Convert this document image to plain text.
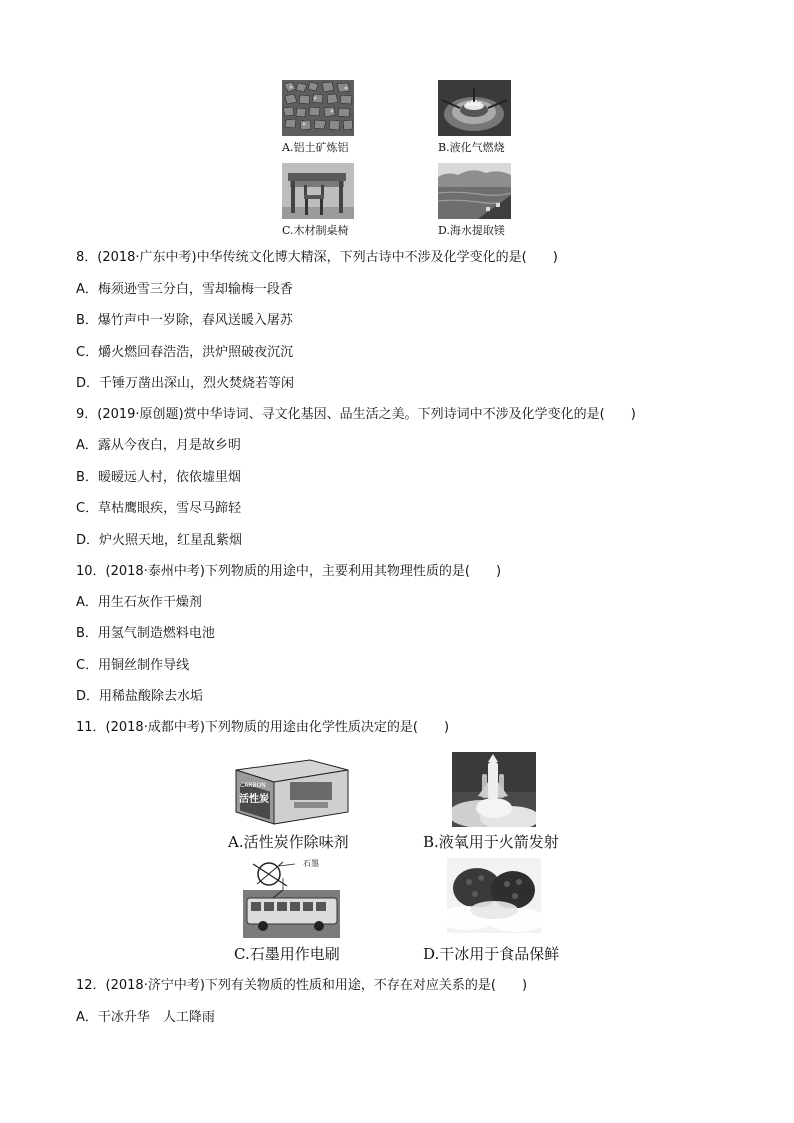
A.铝土矿炼铝	B.液化气燃烧
C.木材制桌椅	D.海水提取镁
8．(2018·广东中考)中华传统文化博大精深，下列古诗中不涉及化学变化的是(　　)
A．梅须逊雪三分白，雪却输梅一段香
B．爆竹声中一岁除，春风送暖入屠苏
C．爝火燃回春浩浩，洪炉照破夜沉沉
D．千锤万凿出深山，烈火焚烧若等闲
9．(2019·原创题)赏中华诗词、寻文化基因、品生活之美。下列诗词中不涉及化学变化的是(　　)
A．露从今夜白，月是故乡明
B．暧暧远人村，依依墟里烟
C．草枯鹰眼疾，雪尽马蹄轻
D．炉火照天地，红星乱紫烟
10．(2018·泰州中考)下列物质的用途中，主要利用其物理性质的是(　　)
A．用生石灰作干燥剂
B．用氢气制造燃料电池
C．用铜丝制作导线
D．用稀盐酸除去水垢
11．(2018·成都中考)下列物质的用途由化学性质决定的是(　　)
CARBON
活性炭
A.活性炭作除味剂	B.液氧用于火箭发射
石墨
C.石墨用作电刷	D.干冰用于食品保鲜
12．(2018·济宁中考)下列有关物质的性质和用途，不存在对应关系的是(　　)
A．干冰升华　人工降雨
